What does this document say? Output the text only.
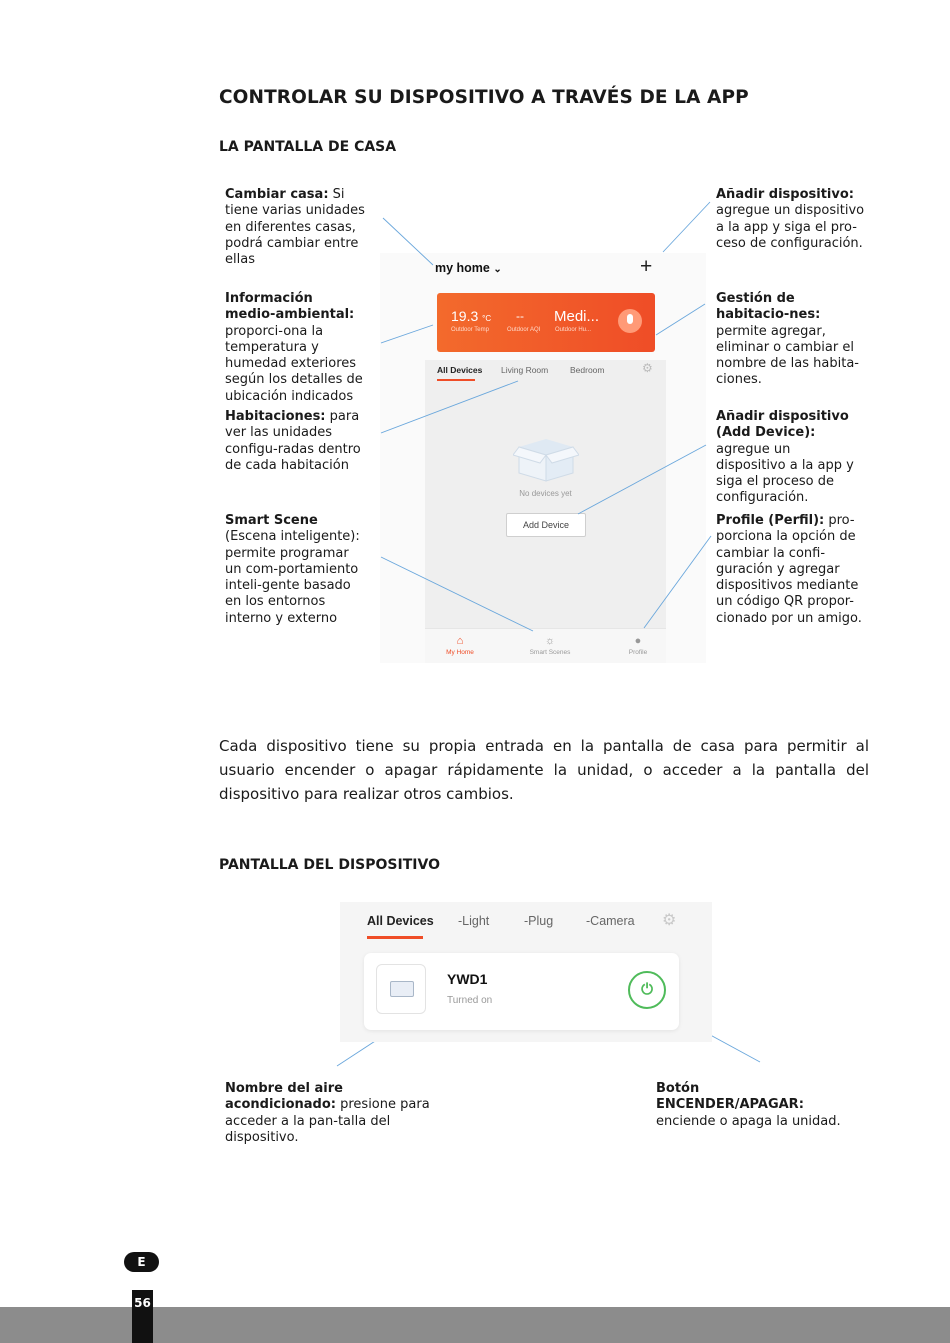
CONTROLAR SU DISPOSITIVO A TRAVÉS DE LA APP
LA PANTALLA DE CASA
Cambiar casa: Si tiene varias unidades en diferentes casas, podrá cambiar entre ellas
Información medio-ambiental: proporci-ona la temperatura y humedad exteriores según los detalles de ubicación indicados
Habitaciones: para ver las unidades configu-radas dentro de cada habitación
Smart Scene (Escena inteligente): permite programar un com-portamiento inteli-gente basado en los entornos interno y externo
Añadir dispositivo: agregue un dispositivo a la app y siga el pro-ceso de configuración.
Gestión de habitacio-nes: permite agregar, eliminar o cambiar el nombre de las habita-ciones.
Añadir dispositivo (Add Device): agregue un dispositivo a la app y siga el proceso de configuración.
Profile (Perfil): pro-porciona la opción de cambiar la confi-guración y agregar dispositivos mediante un código QR propor-cionado por un amigo.
my home ⌄	+
19.3 °C -- Medi...
Outdoor Temp	Outdoor AQI Outdoor Hu...
All Devices Living Room	Bedroom	⚙
No devices yet
Add Device
⌂
My Home
☼
Smart Scenes
●
Profile
Cada dispositivo tiene su propia entrada en la pantalla de casa para permitir al usuario encender o apagar rápidamente la unidad, o acceder a la pantalla del dispositivo para realizar otros cambios.
PANTALLA DEL DISPOSITIVO
All Devices -Light	-Plug	-Camera ⚙
YWD1
Turned on
⏻
Nombre del aire acondicionado: presione para acceder a la pan-talla del dispositivo.
Botón ENCENDER/APAGAR: enciende o apaga la unidad.
E
56
